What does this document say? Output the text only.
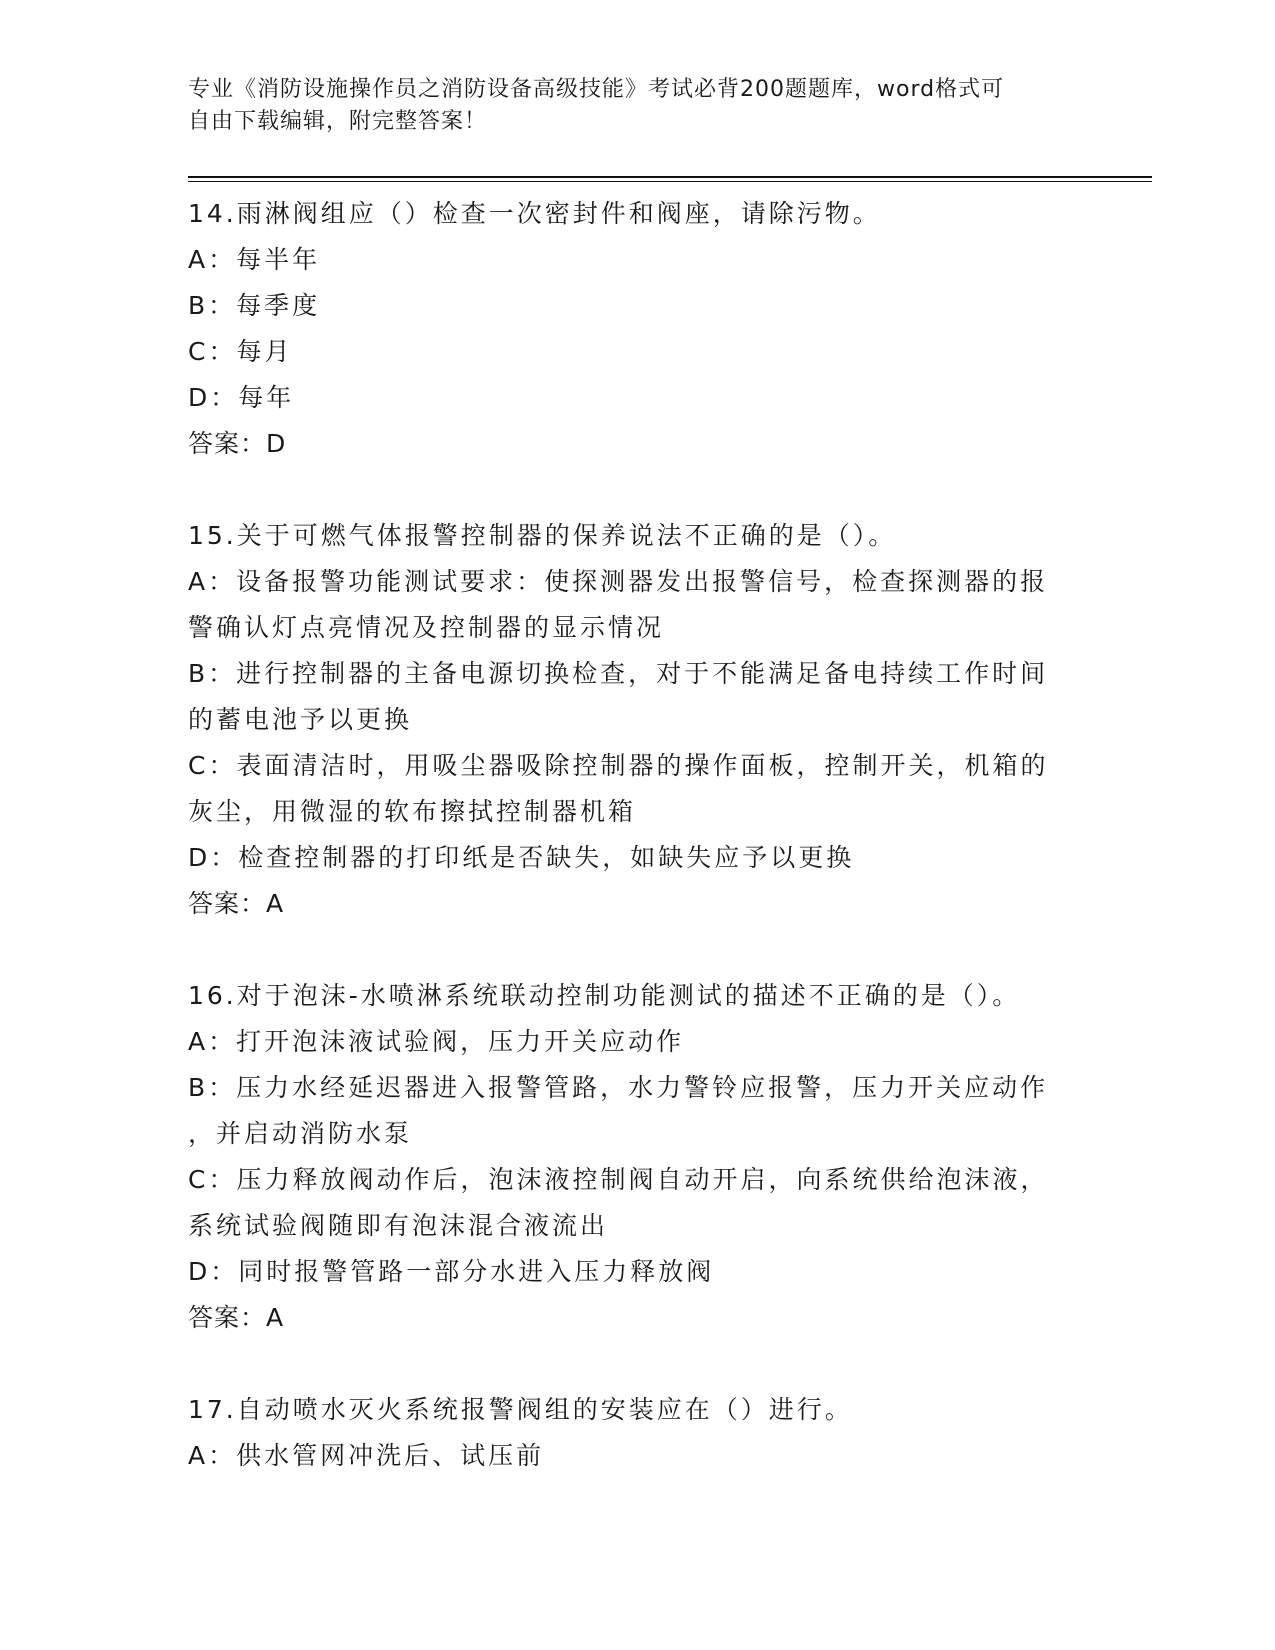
专业《消防设施操作员之消防设备高级技能》考试必背200题题库，word格式可
自由下载编辑，附完整答案！
14.雨淋阀组应（）检查一次密封件和阀座，请除污物。
A：每半年
B：每季度
C：每月
D：每年
答案：D
15.关于可燃气体报警控制器的保养说法不正确的是（）。
A：设备报警功能测试要求：使探测器发出报警信号，检查探测器的报
警确认灯点亮情况及控制器的显示情况
B：进行控制器的主备电源切换检查，对于不能满足备电持续工作时间
的蓄电池予以更换
C：表面清洁时，用吸尘器吸除控制器的操作面板，控制开关，机箱的
灰尘，用微湿的软布擦拭控制器机箱
D：检查控制器的打印纸是否缺失，如缺失应予以更换
答案：A
16.对于泡沫-水喷淋系统联动控制功能测试的描述不正确的是（）。
A：打开泡沫液试验阀，压力开关应动作
B：压力水经延迟器进入报警管路，水力警铃应报警，压力开关应动作
，并启动消防水泵
C：压力释放阀动作后，泡沫液控制阀自动开启，向系统供给泡沫液，
系统试验阀随即有泡沫混合液流出
D：同时报警管路一部分水进入压力释放阀
答案：A
17.自动喷水灭火系统报警阀组的安装应在（）进行。
A：供水管网冲洗后、试压前
